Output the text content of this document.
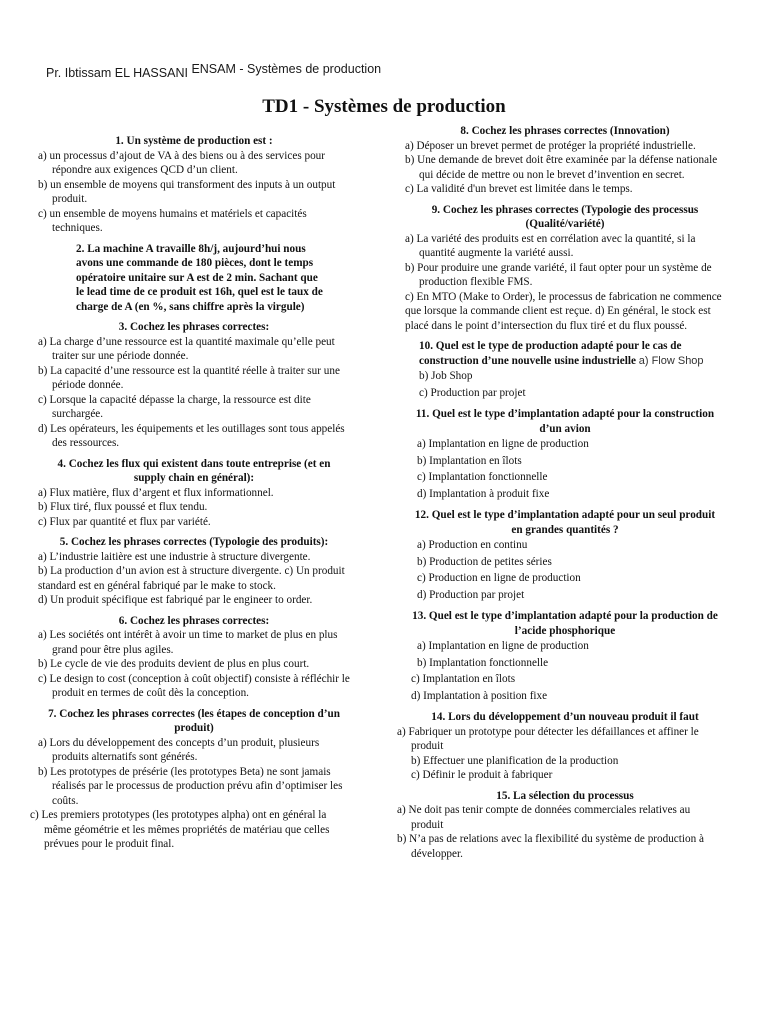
Pr. Ibtissam EL HASSANI ENSAM - Systèmes de production
TD1 - Systèmes de production
1. Un système de production est :
a) un processus d’ajout de VA à des biens ou à des services pour répondre aux exigences QCD d’un client.
b) un ensemble de moyens qui transforment des inputs à un output produit.
c) un ensemble de moyens humains et matériels et capacités techniques.
2. La machine A travaille 8h/j, aujourd’hui nous avons une commande de 180 pièces, dont le temps opératoire unitaire sur A est de 2 min. Sachant que le lead time de ce produit est 16h, quel est le taux de charge de A (en %, sans chiffre après la virgule)
3. Cochez les phrases correctes:
a) La charge d’une ressource est la quantité maximale qu’elle peut traiter sur une période donnée.
b) La capacité d’une ressource est la quantité réelle à traiter sur une période donnée.
c) Lorsque la capacité dépasse la charge, la ressource est dite surchargée.
d) Les opérateurs, les équipements et les outillages sont tous appelés des ressources.
4. Cochez les flux qui existent dans toute entreprise (et en supply chain en général):
a) Flux matière, flux d’argent et flux informationnel.
b) Flux tiré, flux poussé et flux tendu.
c) Flux par quantité et flux par variété.
5. Cochez les phrases correctes (Typologie des produits):
a) L’industrie laitière est une industrie à structure divergente.
b) La production d’un avion est à structure divergente. c) Un produit standard est en général fabriqué par le make to stock.
d) Un produit spécifique est fabriqué par le engineer to order.
6. Cochez les phrases correctes:
a) Les sociétés ont intérêt à avoir un time to market de plus en plus grand pour être plus agiles.
b) Le cycle de vie des produits devient de plus en plus court.
c) Le design to cost (conception à coût objectif) consiste à réfléchir le produit en termes de coût dès la conception.
7. Cochez les phrases correctes (les étapes de conception d’un produit)
a) Lors du développement des concepts d’un produit, plusieurs produits alternatifs sont générés.
b) Les prototypes de présérie (les prototypes Beta) ne sont jamais réalisés par le processus de production prévu afin d’optimiser les coûts.
c) Les premiers prototypes (les prototypes alpha) ont en général la même géométrie et les mêmes propriétés de matériau que celles prévues pour le produit final.
8. Cochez les phrases correctes (Innovation)
a) Déposer un brevet permet de protéger la propriété industrielle.
b) Une demande de brevet doit être examinée par la défense nationale qui décide de mettre ou non le brevet d’invention en secret.
c) La validité d'un brevet est limitée dans le temps.
9. Cochez les phrases correctes (Typologie des processus (Qualité/variété)
a) La variété des produits est en corrélation avec la quantité, si la quantité augmente la variété aussi.
b) Pour produire une grande variété, il faut opter pour un système de production flexible FMS.
c) En MTO (Make to Order), le processus de fabrication ne commence que lorsque la commande client est reçue. d) En général, le stock est placé dans le point d’intersection du flux tiré et du flux poussé.
10. Quel est le type de production adapté pour le cas de construction d’une nouvelle usine industrielle a) Flow Shop
b) Job Shop
c) Production par projet
11. Quel est le type d’implantation adapté pour la construction d’un avion
a) Implantation en ligne de production
b) Implantation en îlots
c) Implantation fonctionnelle
d) Implantation à produit fixe
12. Quel est le type d’implantation adapté pour un seul produit en grandes quantités ?
a) Production en continu
b) Production de petites séries
c) Production en ligne de production
d) Production par projet
13. Quel est le type d’implantation adapté pour la production de l’acide phosphorique
a) Implantation en ligne de production
b) Implantation fonctionnelle
c) Implantation en îlots
d) Implantation à position fixe
14. Lors du développement d’un nouveau produit il faut
a) Fabriquer un prototype pour détecter les défaillances et affiner le produit
b) Effectuer une planification de la production
c) Définir le produit à fabriquer
15. La sélection du processus
a) Ne doit pas tenir compte de données commerciales relatives au produit
b) N’a pas de relations avec la flexibilité du système de production à développer.
